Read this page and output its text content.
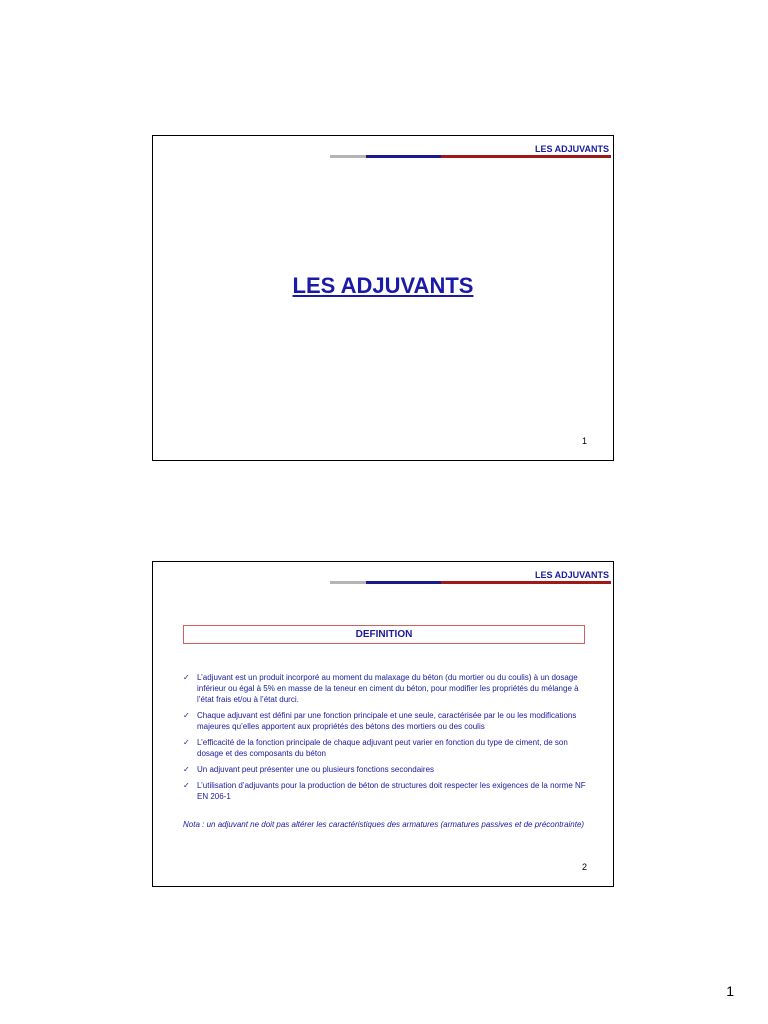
LES ADJUVANTS
LES ADJUVANTS
1
LES ADJUVANTS
DEFINITION
✓ L’adjuvant est un produit incorporé au moment du malaxage du béton (du mortier ou du coulis) à un dosage inférieur ou égal à 5% en masse de la teneur en ciment du béton, pour modifier les propriétés du mélange à l’état frais et/ou à l’état durci.
✓ Chaque adjuvant est défini par une fonction principale et une seule, caractérisée par le ou les modifications majeures qu’elles apportent aux propriétés des bétons des mortiers ou des coulis
✓ L’efficacité de la fonction principale de chaque adjuvant peut varier en fonction du type de ciment, de son dosage et des composants du béton
✓ Un adjuvant peut présenter une ou plusieurs fonctions secondaires
✓ L’utilisation d’adjuvants pour la production de béton de structures doit respecter les exigences de la norme NF EN 206-1
Nota : un adjuvant ne doit pas altérer les caractéristiques des armatures (armatures passives et de précontrainte)
2
1
